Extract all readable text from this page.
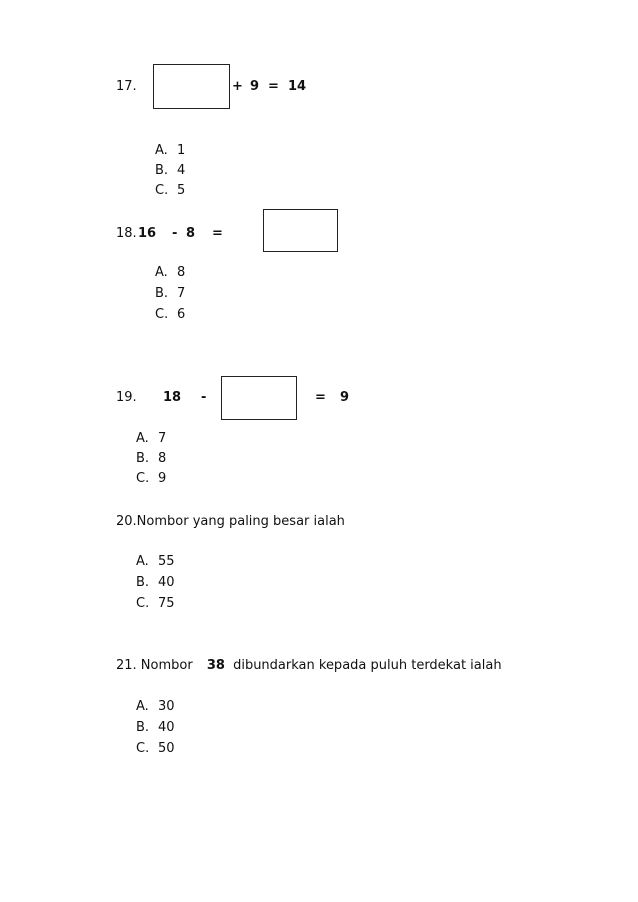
17.	+ 9 = 14
A. 1
B. 4
C. 5
18. 16 - 8 =
A. 8
B. 7
C. 6
19. 18 -	= 9
A. 7
B. 8
C. 9
20.Nombor yang paling besar ialah
A. 55
B. 40
C. 75
21. Nombor 38 dibundarkan kepada puluh terdekat ialah
A. 30
B. 40
C. 50
